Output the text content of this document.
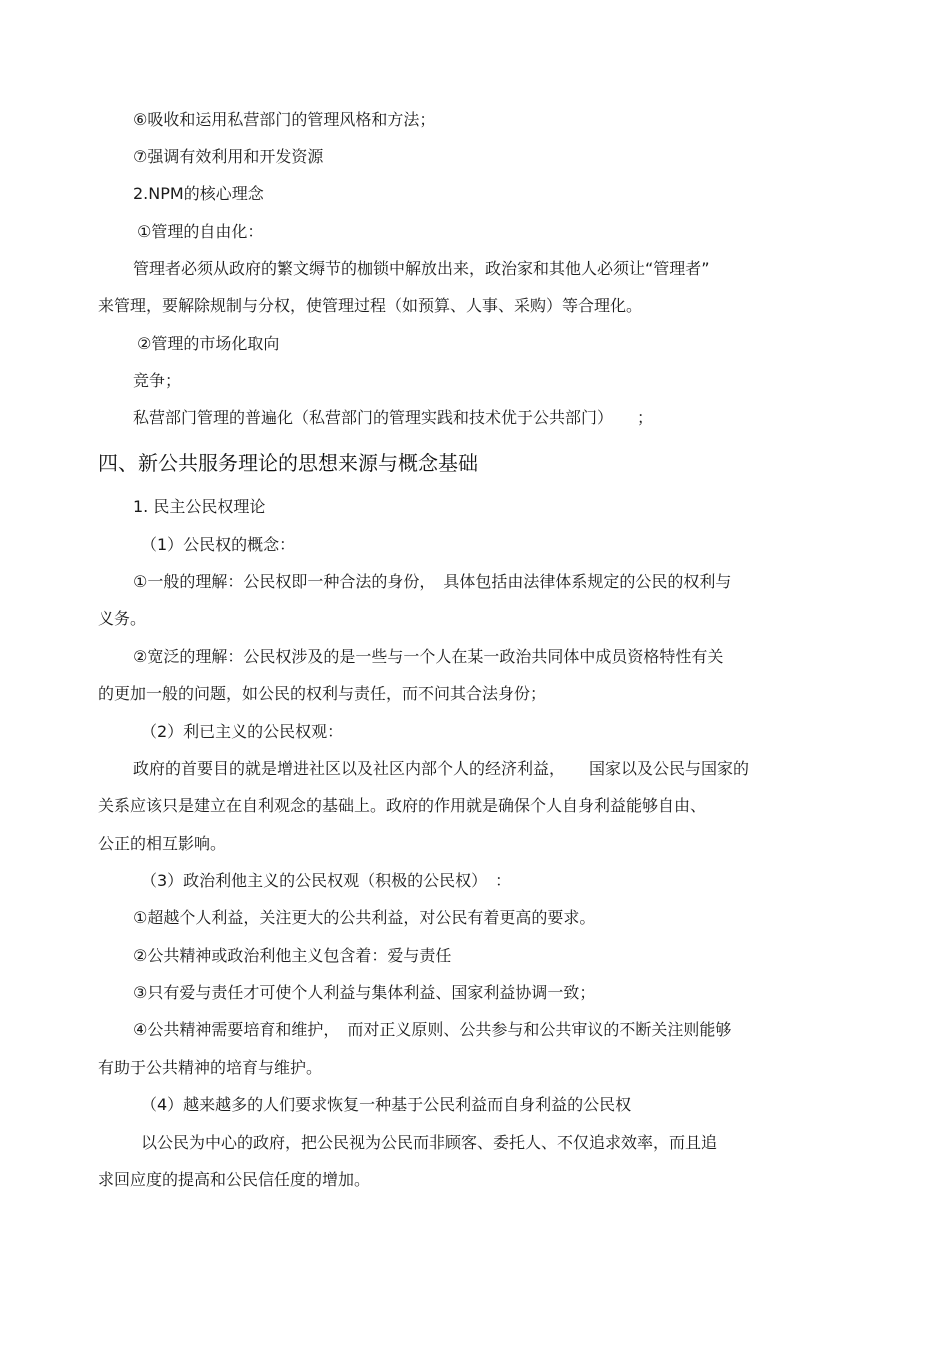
⑥吸收和运用私营部门的管理风格和方法；
⑦强调有效利用和开发资源
2.NPM的核心理念
①管理的自由化：
管理者必须从政府的繁文缛节的枷锁中解放出来，政治家和其他人必须让“管理者”
来管理，要解除规制与分权，使管理过程（如预算、人事、采购）等合理化。
②管理的市场化取向
竞争；
私营部门管理的普遍化（私营部门的管理实践和技术优于公共部门）　　；
四、新公共服务理论的思想来源与概念基础
1. 民主公民权理论
（1）公民权的概念：
①一般的理解：公民权即一种合法的身份，　具体包括由法律体系规定的公民的权利与
义务。
②宽泛的理解：公民权涉及的是一些与一个人在某一政治共同体中成员资格特性有关
的更加一般的问题，如公民的权利与责任，而不问其合法身份；
（2）利已主义的公民权观：
政府的首要目的就是增进社区以及社区内部个人的经济利益，　　国家以及公民与国家的
关系应该只是建立在自利观念的基础上。政府的作用就是确保个人自身利益能够自由、
公正的相互影响。
（3）政治利他主义的公民权观（积极的公民权）　：
①超越个人利益，关注更大的公共利益，对公民有着更高的要求。
②公共精神或政治利他主义包含着：爱与责任
③只有爱与责任才可使个人利益与集体利益、国家利益协调一致；
④公共精神需要培育和维护，　而对正义原则、公共参与和公共审议的不断关注则能够
有助于公共精神的培育与维护。
（4）越来越多的人们要求恢复一种基于公民利益而自身利益的公民权
以公民为中心的政府，把公民视为公民而非顾客、委托人、不仅追求效率，而且追
求回应度的提高和公民信任度的增加。
